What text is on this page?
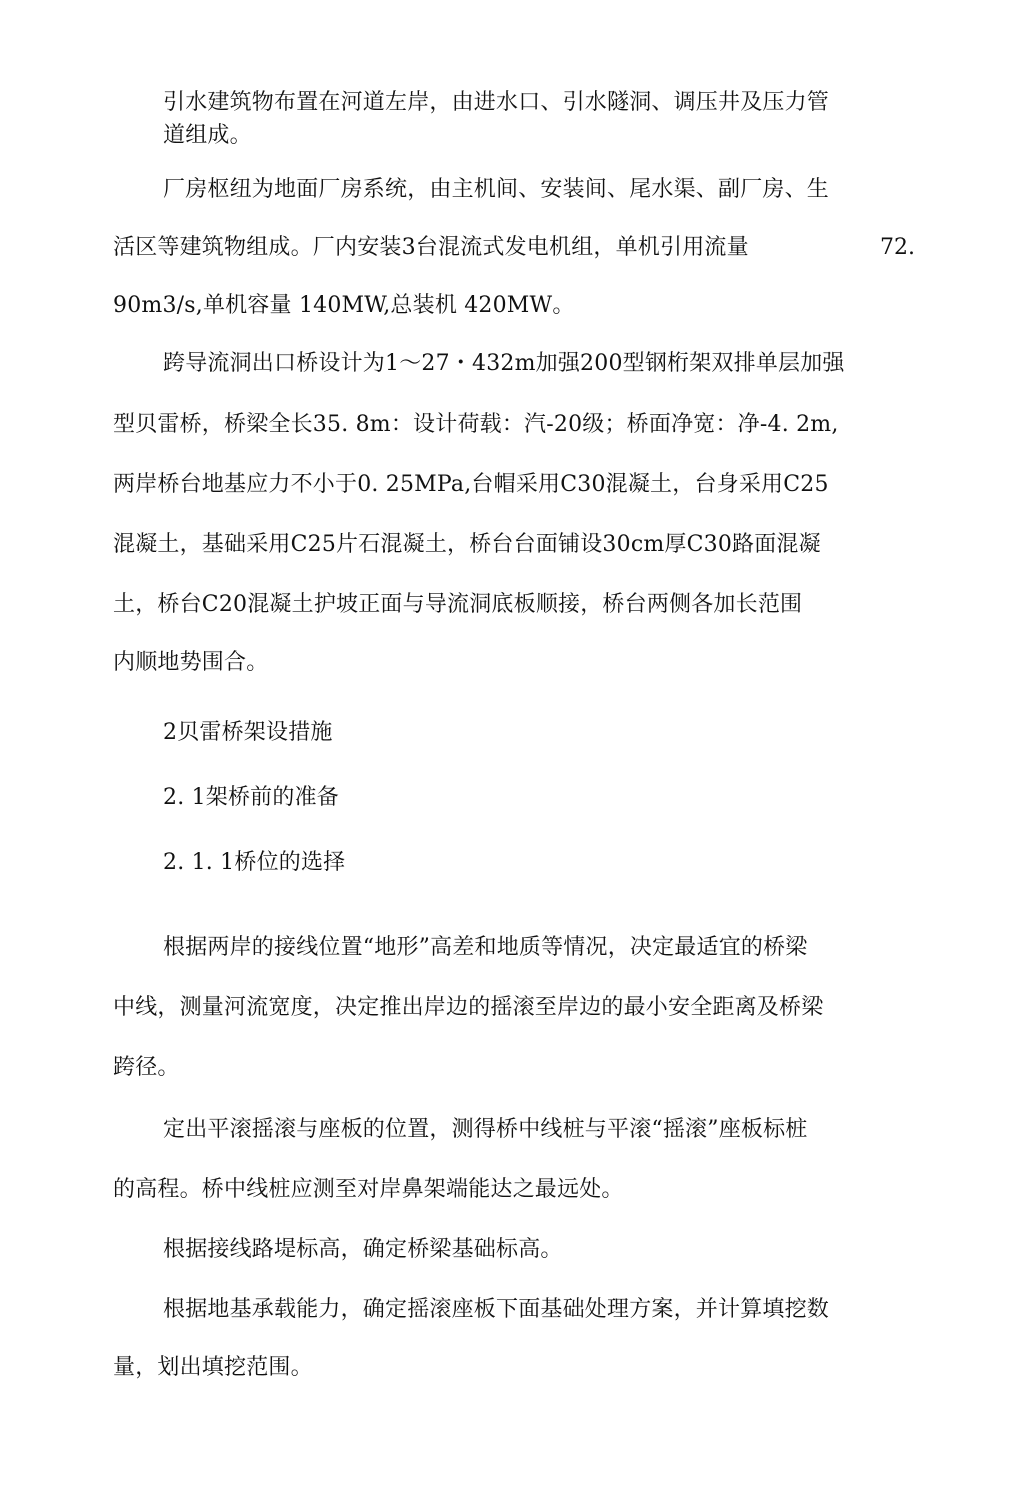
引水建筑物布置在河道左岸，由进水口、引水隧洞、调压井及压力管
道组成。
厂房枢纽为地面厂房系统，由主机间、安装间、尾水渠、副厂房、生
活区等建筑物组成。厂内安装3台混流式发电机组，单机引用流量	72.
90m3/s,单机容量 140MW,总装机 420MW。
跨导流洞出口桥设计为1～27・432m加强200型钢桁架双排单层加强
型贝雷桥，桥梁全长35. 8m：设计荷载：汽-20级；桥面净宽：净-4. 2m,
两岸桥台地基应力不小于0. 25MPa,台帽采用C30混凝土，台身采用C25
混凝土，基础采用C25片石混凝土，桥台台面铺设30cm厚C30路面混凝
土，桥台C20混凝土护坡正面与导流洞底板顺接，桥台两侧各加长范围
内顺地势围合。
2贝雷桥架设措施
2. 1架桥前的准备
2. 1. 1桥位的选择
根据两岸的接线位置“地形”高差和地质等情况，决定最适宜的桥梁
中线，测量河流宽度，决定推出岸边的摇滚至岸边的最小安全距离及桥梁
跨径。
定出平滚摇滚与座板的位置，测得桥中线桩与平滚“摇滚”座板标桩
的高程。桥中线桩应测至对岸鼻架端能达之最远处。
根据接线路堤标高，确定桥梁基础标高。
根据地基承载能力，确定摇滚座板下面基础处理方案，并计算填挖数
量，划出填挖范围。
